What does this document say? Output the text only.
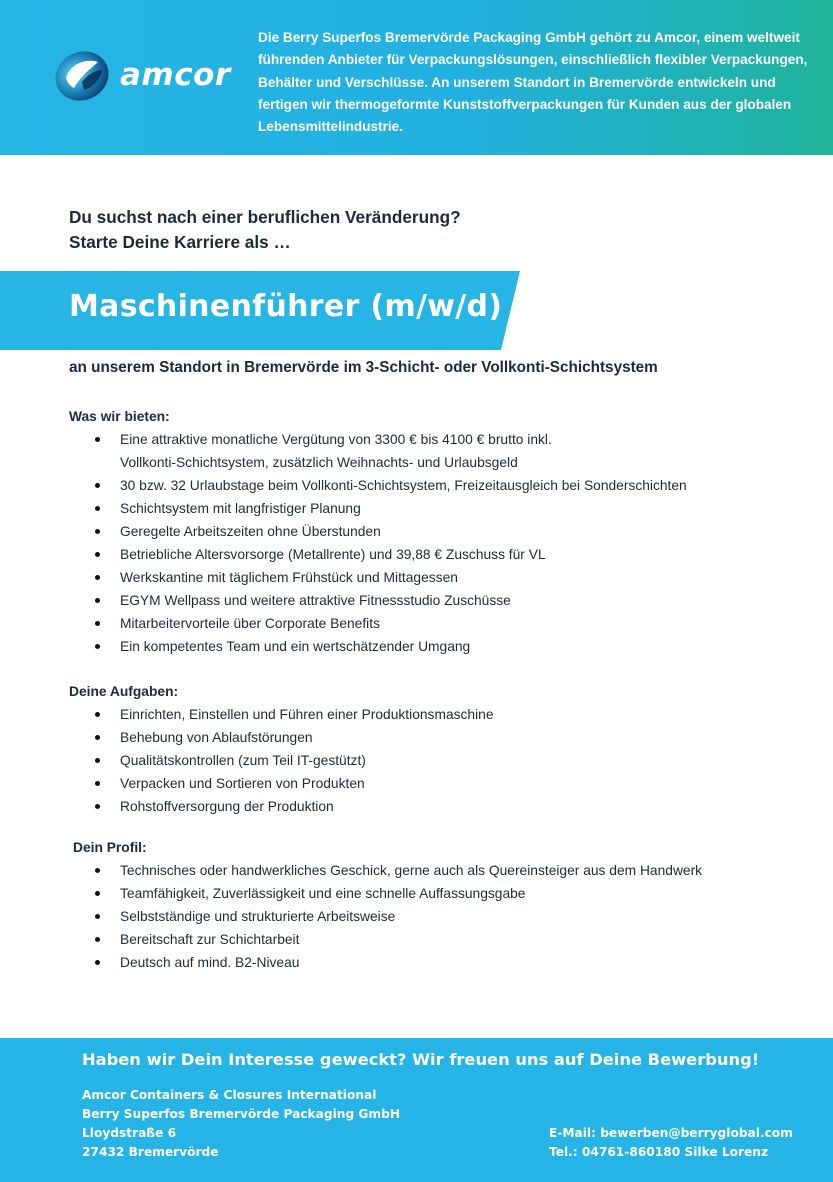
amcor

Die Berry Superfos Bremervörde Packaging GmbH gehört zu Amcor, einem weltweit führenden Anbieter für Verpackungslösungen, einschließlich flexibler Verpackungen, Behälter und Verschlüsse. An unserem Standort in Bremervörde entwickeln und fertigen wir thermogeformte Kunststoffverpackungen für Kunden aus der globalen Lebensmittelindustrie.

Du suchst nach einer beruflichen Veränderung?
Starte Deine Karriere als …
Maschinenführer (m/w/d)
an unserem Standort in Bremervörde im 3-Schicht- oder Vollkonti-Schichtsystem
Was wir bieten:
Eine attraktive monatliche Vergütung von 3300 € bis 4100 € brutto inkl.
Vollkonti-Schichtsystem, zusätzlich Weihnachts- und Urlaubsgeld
30 bzw. 32 Urlaubstage beim Vollkonti-Schichtsystem, Freizeitausgleich bei Sonderschichten
Schichtsystem mit langfristiger Planung
Geregelte Arbeitszeiten ohne Überstunden
Betriebliche Altersvorsorge (Metallrente) und 39,88 € Zuschuss für VL
Werkskantine mit täglichem Frühstück und Mittagessen
EGYM Wellpass und weitere attraktive Fitnessstudio Zuschüsse
Mitarbeitervorteile über Corporate Benefits
Ein kompetentes Team und ein wertschätzender Umgang
Deine Aufgaben:
Einrichten, Einstellen und Führen einer Produktionsmaschine
Behebung von Ablaufstörungen
Qualitätskontrollen (zum Teil IT-gestützt)
Verpacken und Sortieren von Produkten
Rohstoffversorgung der Produktion
Dein Profil:
Technisches oder handwerkliches Geschick, gerne auch als Quereinsteiger aus dem Handwerk
Teamfähigkeit, Zuverlässigkeit und eine schnelle Auffassungsgabe
Selbstständige und strukturierte Arbeitsweise
Bereitschaft zur Schichtarbeit
Deutsch auf mind. B2-Niveau
Haben wir Dein Interesse geweckt? Wir freuen uns auf Deine Bewerbung!
Amcor Containers & Closures International
Berry Superfos Bremervörde Packaging GmbH
Lloydstraße 6
27432 Bremervörde
E-Mail: bewerben@berryglobal.com
Tel.: 04761-860180 Silke Lorenz
